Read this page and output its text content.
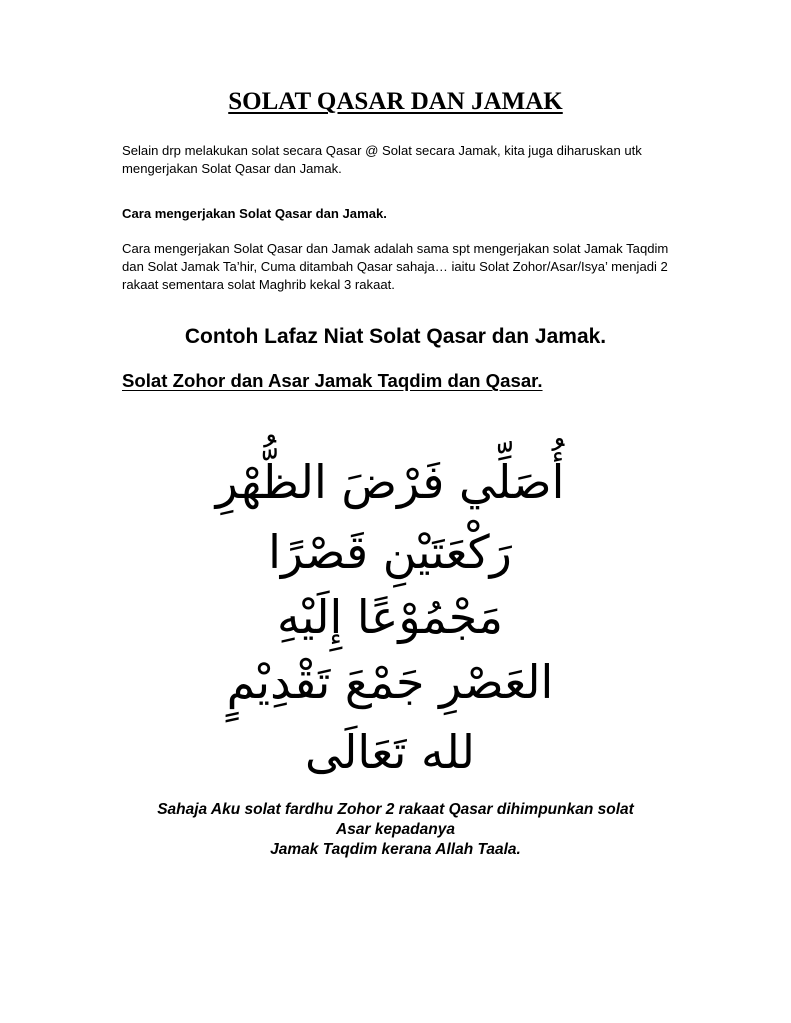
SOLAT QASAR DAN JAMAK
Selain drp melakukan solat secara Qasar @ Solat secara Jamak, kita juga diharuskan utk mengerjakan Solat Qasar dan Jamak.
Cara mengerjakan Solat Qasar dan Jamak.
Cara mengerjakan Solat Qasar dan Jamak adalah sama spt mengerjakan solat Jamak Taqdim dan Solat Jamak Ta’hir, Cuma ditambah Qasar sahaja… iaitu Solat Zohor/Asar/Isya’ menjadi 2 rakaat sementara solat Maghrib kekal 3 rakaat.
Contoh Lafaz Niat Solat Qasar dan Jamak.
Solat Zohor dan Asar Jamak Taqdim dan Qasar.
أُصَلِّي فَرْضَ الظُّهْرِ
رَكْعَتَيْنِ قَصْرًا
مَجْمُوْعًا إِلَيْهِ
العَصْرِ جَمْعَ تَقْدِيْمٍ
لله تَعَالَى
Sahaja Aku solat fardhu Zohor 2 rakaat Qasar dihimpunkan solat
Asar kepadanya
Jamak Taqdim kerana Allah Taala.
